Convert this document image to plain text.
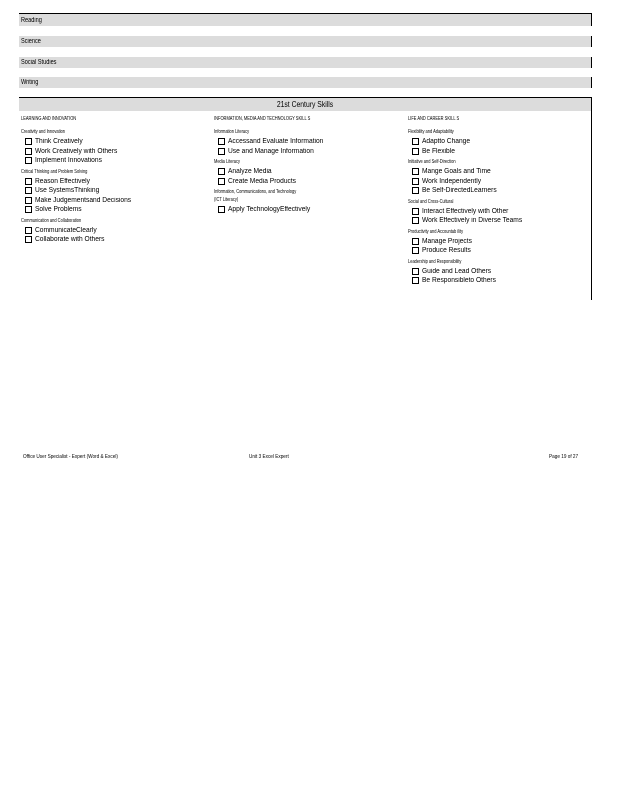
Reading
Science
Social Studies
Writing
21st Century Skills
LEARNING AND INNOVATION
Creativity and Innovation
Think Creatively
Work Creatively with Others
Implement Innovations
Critical Thinking and Problem Solving
Reason Effectively
Use SystemsThinking
Make Judgementsand Decisions
Solve Problems
Communication and Collaboration
CommunicateClearly
Collaborate with Others
INFORMATION, MEDIA AND TECHNOLOGY SKILL S
Information Literacy
Accessand Evaluate Information
Use and Manage Information
Media Literacy
Analyze Media
Create Media Products
Information, Communications, and Technology
(ICT Literacy)
Apply TechnologyEffectively
LIFE AND CAREER SKILL S
Flexibility and Adaptability
Adaptto Change
Be Flexible
Initiative and Self-Direction
Mange Goals and Time
Work Independently
Be Self-DirectedLearners
Social and Cross-Cultural
Interact Effectively with Other
Work Effectively in Diverse Teams
Productivity and Accountab ility
Manage Projects
Produce Results
Leadership and Responsibility
Guide and Lead Others
Be Responsibleto Others
Office User Specialist - Expert (Word & Excel)	Unit 3 Excel Expert	Page 19 of 27
